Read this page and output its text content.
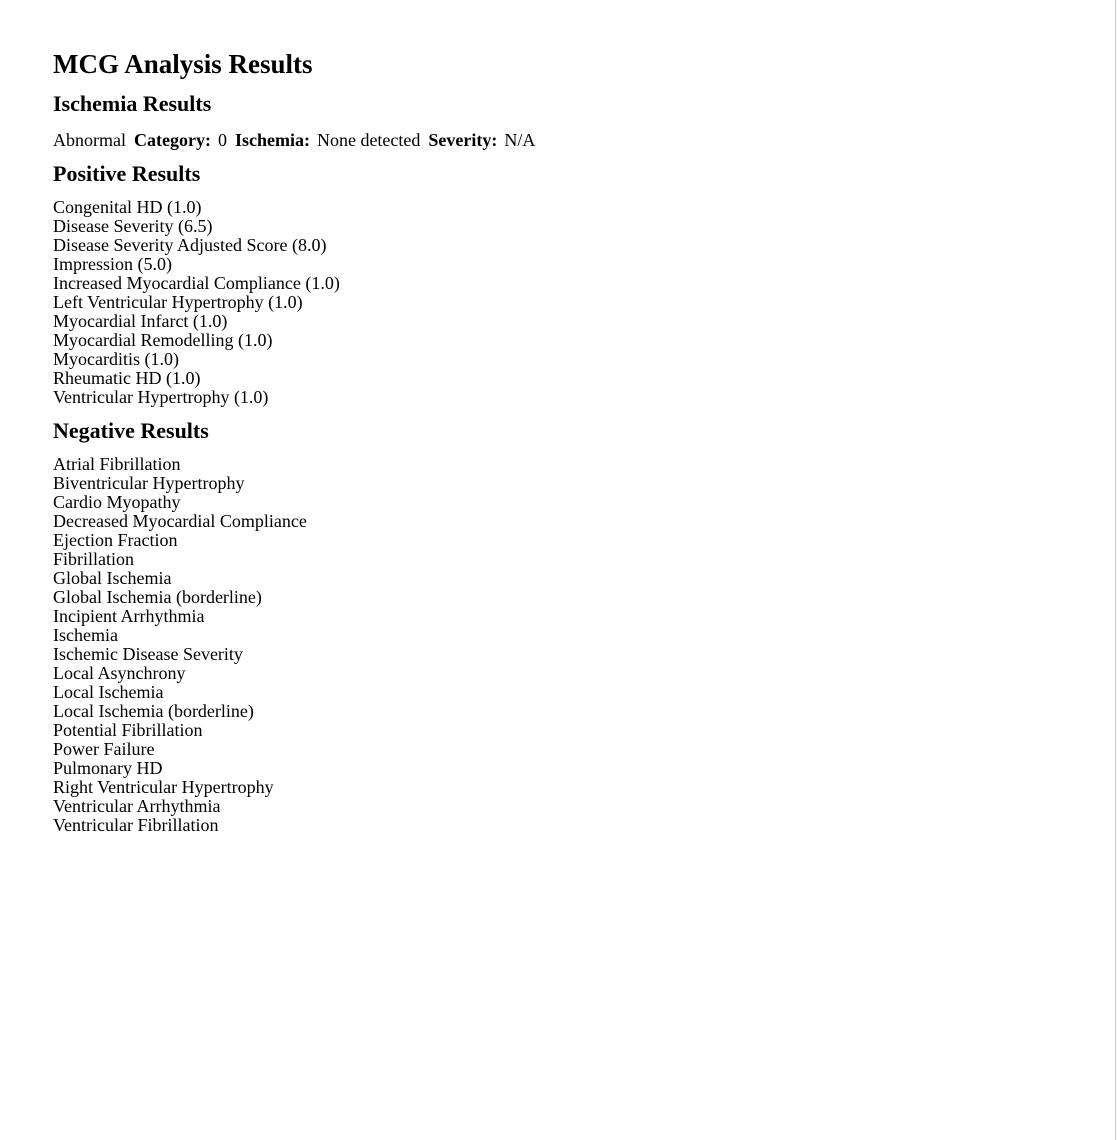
MCG Analysis Results
Ischemia Results
Abnormal Category: 0 Ischemia: None detected Severity: N/A
Positive Results
Congenital HD (1.0)
Disease Severity (6.5)
Disease Severity Adjusted Score (8.0)
Impression (5.0)
Increased Myocardial Compliance (1.0)
Left Ventricular Hypertrophy (1.0)
Myocardial Infarct (1.0)
Myocardial Remodelling (1.0)
Myocarditis (1.0)
Rheumatic HD (1.0)
Ventricular Hypertrophy (1.0)
Negative Results
Atrial Fibrillation
Biventricular Hypertrophy
Cardio Myopathy
Decreased Myocardial Compliance
Ejection Fraction
Fibrillation
Global Ischemia
Global Ischemia (borderline)
Incipient Arrhythmia
Ischemia
Ischemic Disease Severity
Local Asynchrony
Local Ischemia
Local Ischemia (borderline)
Potential Fibrillation
Power Failure
Pulmonary HD
Right Ventricular Hypertrophy
Ventricular Arrhythmia
Ventricular Fibrillation
